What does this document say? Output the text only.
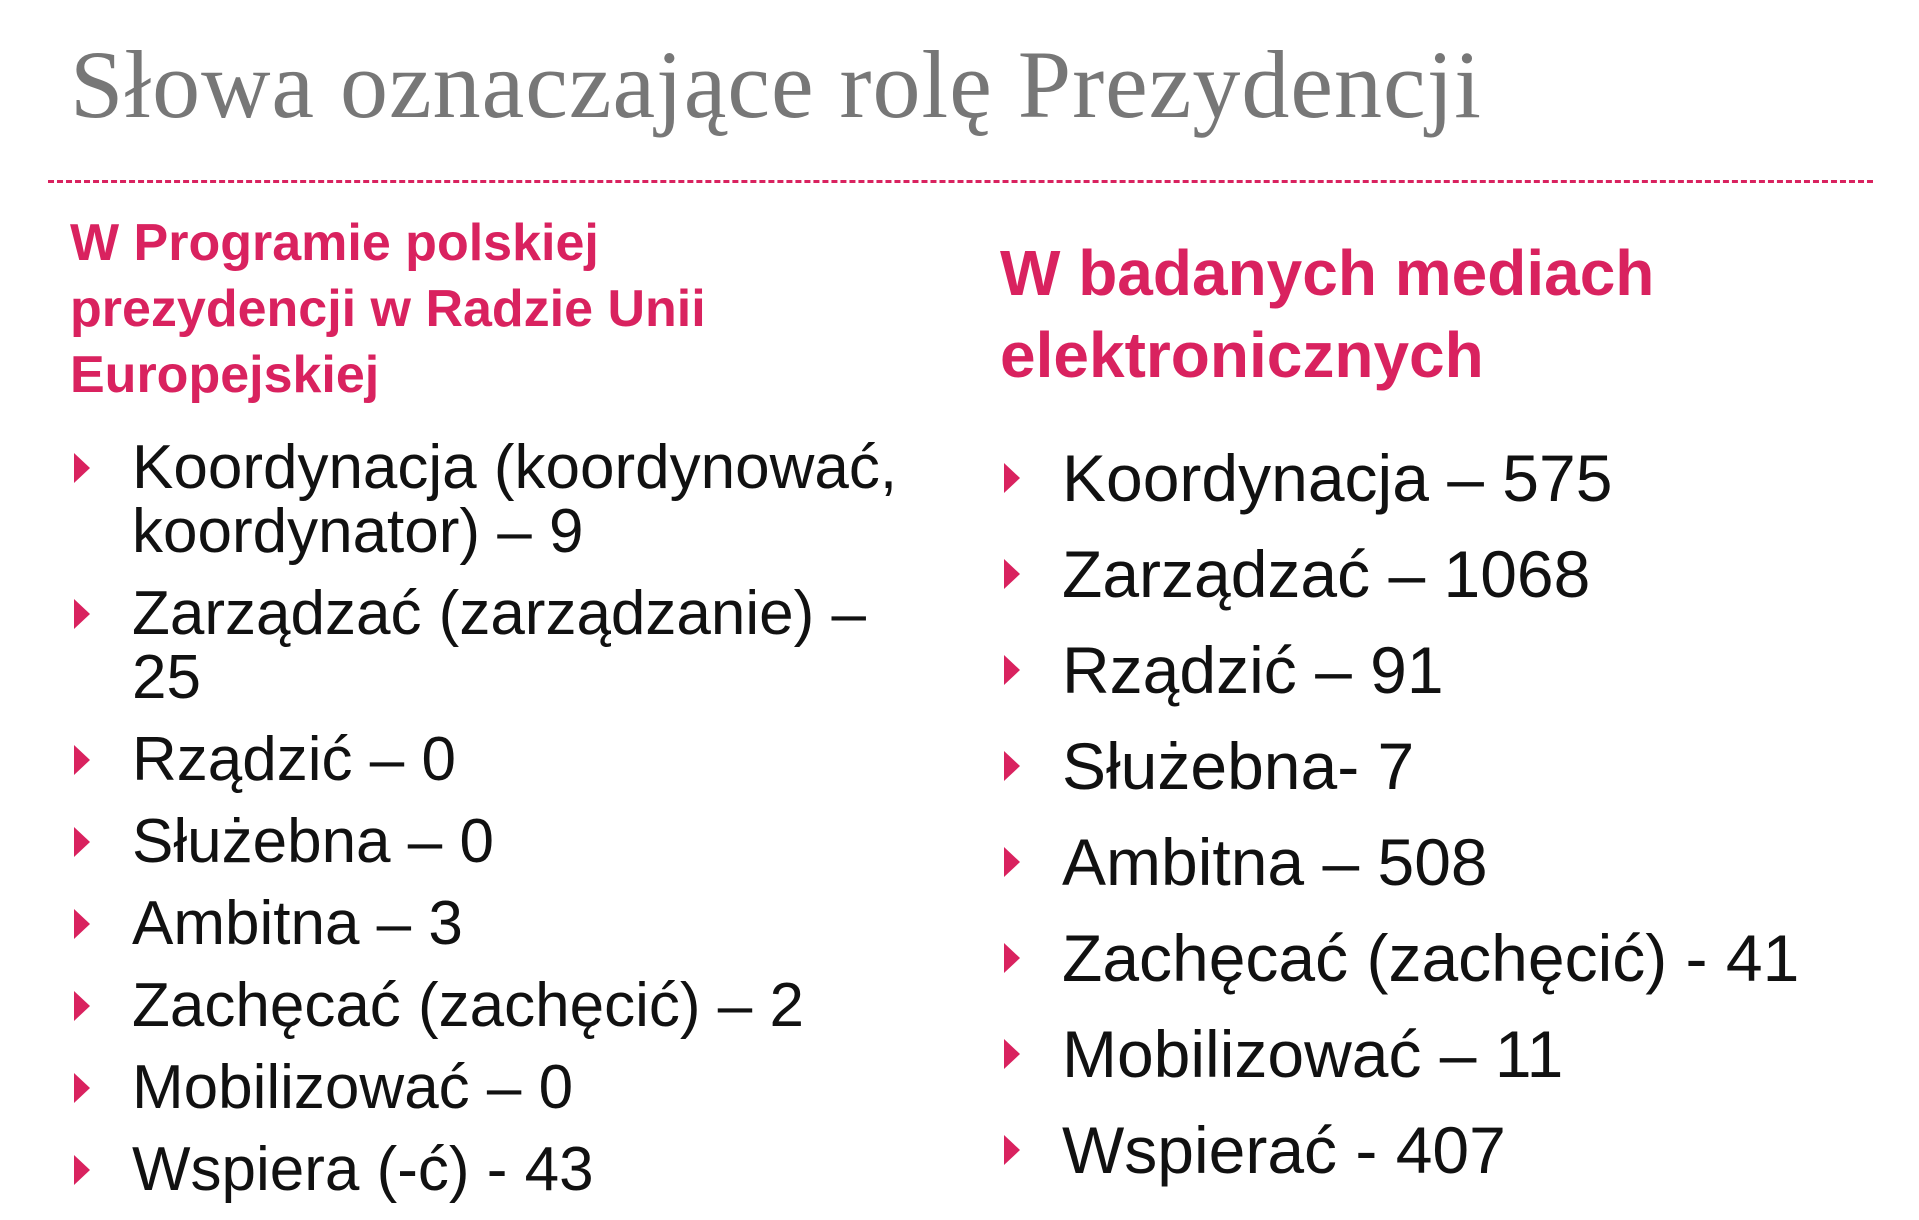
Słowa oznaczające rolę Prezydencji
W Programie polskiej prezydencji w Radzie Unii Europejskiej
Koordynacja (koordynować, koordynator) – 9
Zarządzać (zarządzanie) – 25
Rządzić – 0
Służebna – 0
Ambitna – 3
Zachęcać (zachęcić) – 2
Mobilizować – 0
Wspiera (-ć) - 43
W badanych mediach elektronicznych
Koordynacja – 575
Zarządzać – 1068
Rządzić – 91
Służebna- 7
Ambitna – 508
Zachęcać (zachęcić) - 41
Mobilizować – 11
Wspierać - 407
